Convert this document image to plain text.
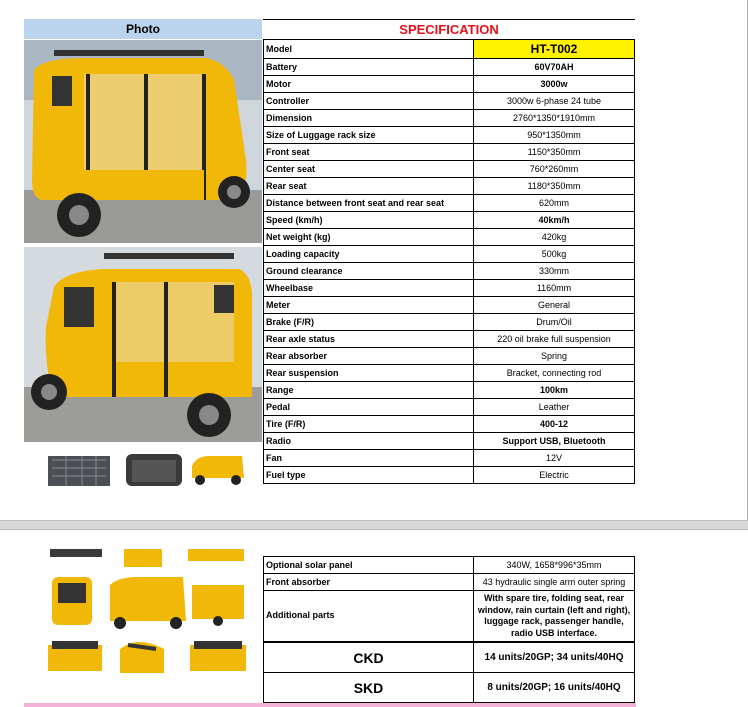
Photo	SPECIFICATION
Model	HT-T002
Battery	60V70AH
Motor	3000w
Controller	3000w 6-phase 24 tube
Dimension	2760*1350*1910mm
Size of Luggage rack size	950*1350mm
Front seat	1150*350mm
Center seat	760*260mm
Rear seat	1180*350mm
Distance between front seat and rear seat	620mm
Speed (km/h)	40km/h
Net weight (kg)	420kg
Loading capacity	500kg
Ground clearance	330mm
Wheelbase	1160mm
Meter	General
Brake (F/R)	Drum/Oil
Rear axle status	220 oil brake full suspension
Rear absorber	Spring
Rear suspension	Bracket, connecting rod
Range	100km
Pedal	Leather
Tire (F/R)	400-12
Radio	Support USB, Bluetooth
Fan	12V
Fuel type	Electric
Optional solar panel	340W, 1658*996*35mm
Front absorber	43 hydraulic single arm outer spring
Additional parts	With spare tire, folding seat, rear window, rain curtain (left and right), luggage rack, passenger handle, radio USB interface.
CKD	14 units/20GP; 34 units/40HQ
SKD	8 units/20GP; 16 units/40HQ
